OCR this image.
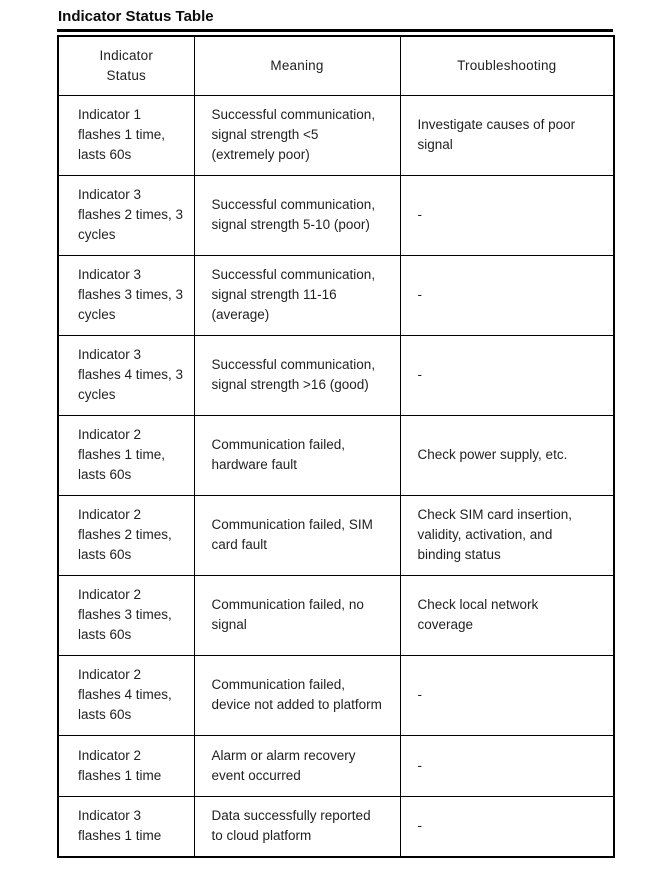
Indicator Status Table
Indicator Status	Meaning	Troubleshooting
Indicator 1 flashes 1 time, lasts 60s	Successful communication, signal strength <5 (extremely poor)	Investigate causes of poor signal
Indicator 3 flashes 2 times, 3 cycles	Successful communication, signal strength 5-10 (poor)	-
Indicator 3 flashes 3 times, 3 cycles	Successful communication, signal strength 11-16 (average)	-
Indicator 3 flashes 4 times, 3 cycles	Successful communication, signal strength >16 (good)	-
Indicator 2 flashes 1 time, lasts 60s	Communication failed, hardware fault	Check power supply, etc.
Indicator 2 flashes 2 times, lasts 60s	Communication failed, SIM card fault	Check SIM card insertion, validity, activation, and binding status
Indicator 2 flashes 3 times, lasts 60s	Communication failed, no signal	Check local network coverage
Indicator 2 flashes 4 times, lasts 60s	Communication failed, device not added to platform	-
Indicator 2 flashes 1 time	Alarm or alarm recovery event occurred	-
Indicator 3 flashes 1 time	Data successfully reported to cloud platform	-
